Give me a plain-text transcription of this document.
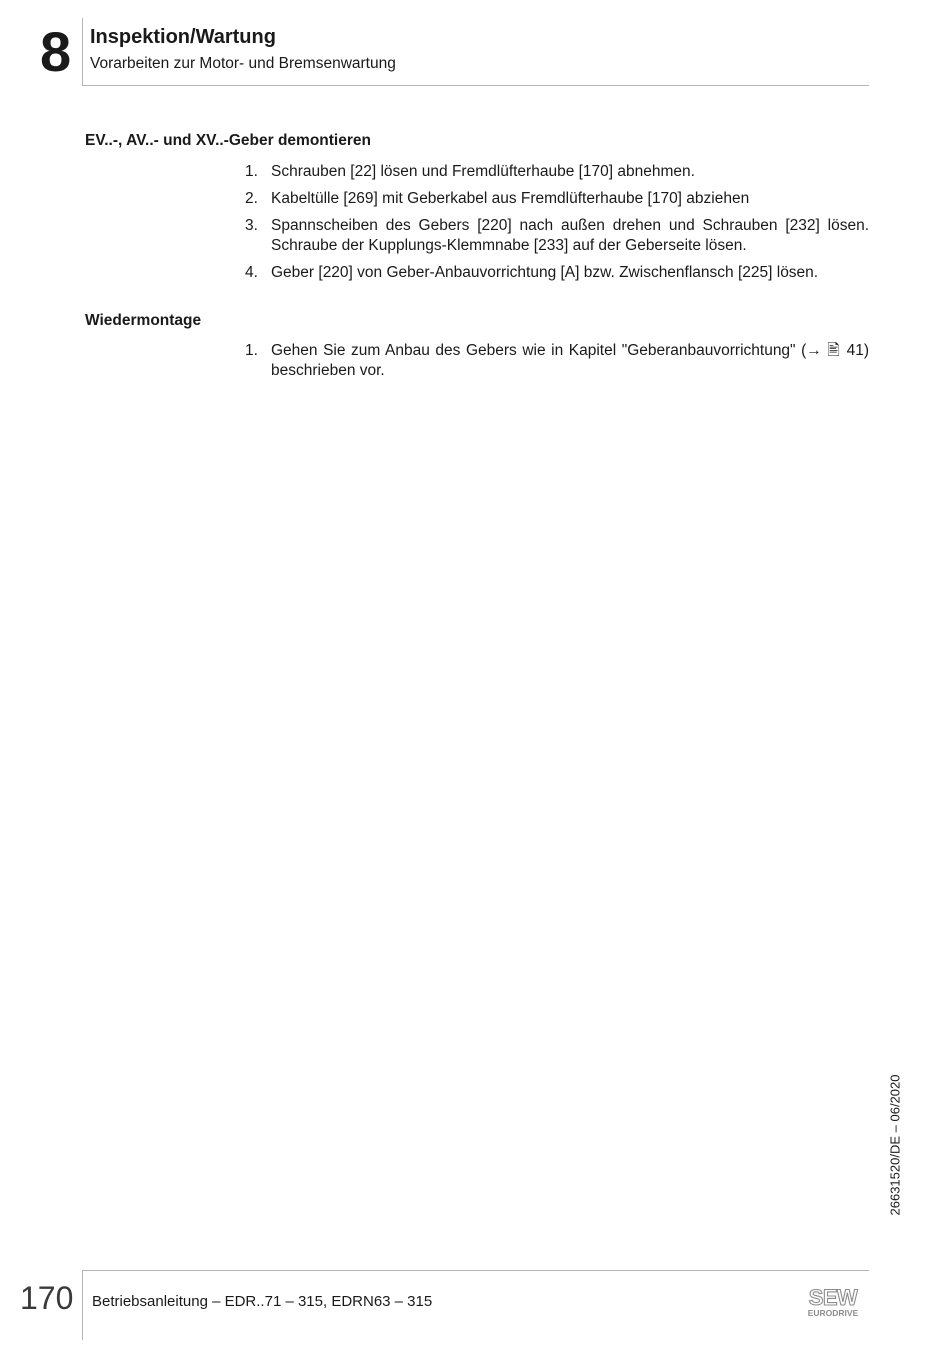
8 Inspektion/Wartung
Vorarbeiten zur Motor- und Bremsenwartung
EV..-, AV..- und XV..-Geber demontieren
1. Schrauben [22] lösen und Fremdlüfterhaube [170] abnehmen.
2. Kabeltülle [269] mit Geberkabel aus Fremdlüfterhaube [170] abziehen
3. Spannscheiben des Gebers [220] nach außen drehen und Schrauben [232] lösen. Schraube der Kupplungs-Klemmnabe [233] auf der Geberseite lösen.
4. Geber [220] von Geber-Anbauvorrichtung [A] bzw. Zwischenflansch [225] lösen.
Wiedermontage
1. Gehen Sie zum Anbau des Gebers wie in Kapitel "Geberanbauvorrichtung" (→ 🖹 41) beschrieben vor.
26631520/DE – 06/2020
170 Betriebsanleitung – EDR..71 – 315, EDRN63 – 315	SEW
EURODRIVE
